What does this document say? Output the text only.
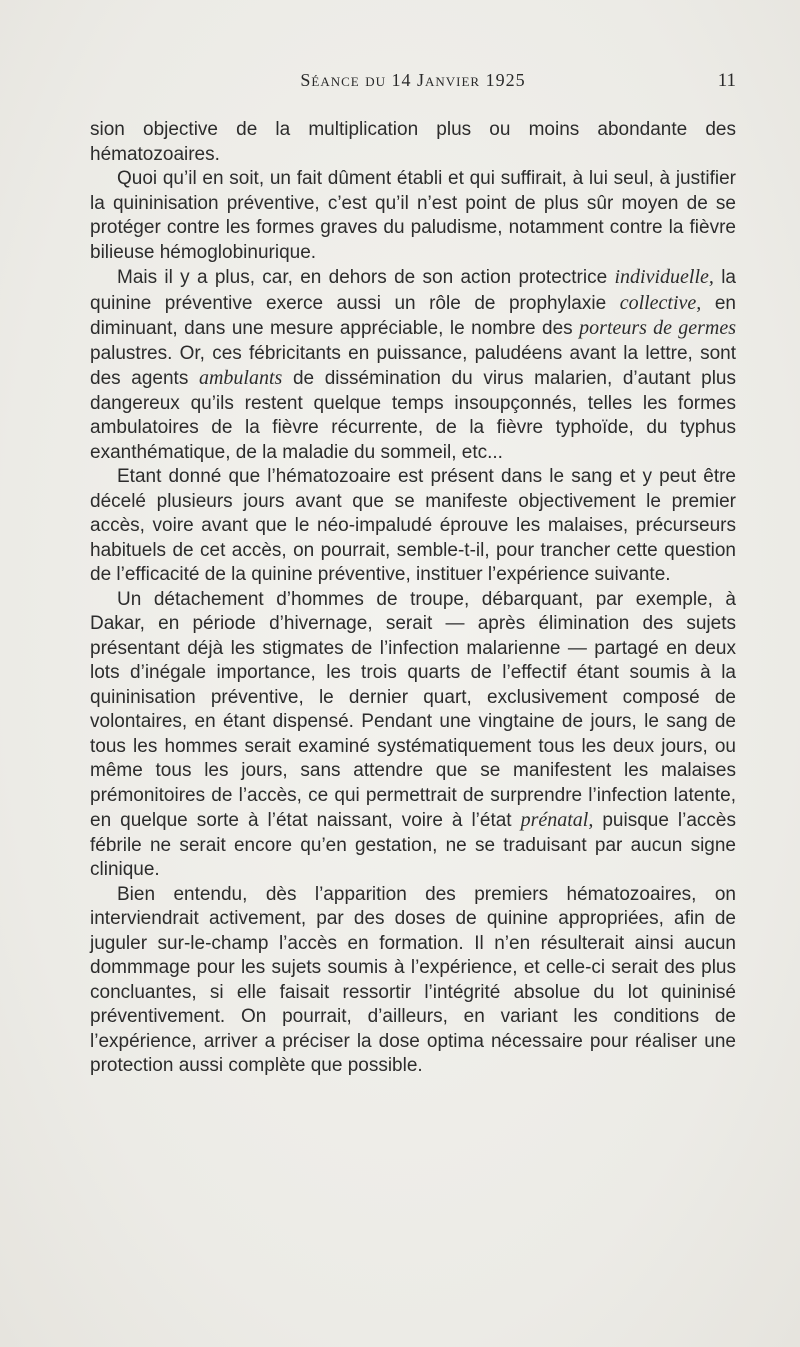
Séance du 14 Janvier 1925	11

sion objective de la multiplication plus ou moins abondante des hématozoaires.

Quoi qu’il en soit, un fait dûment établi et qui suffirait, à lui seul, à justifier la quininisation préventive, c’est qu’il n’est point de plus sûr moyen de se protéger contre les formes graves du paludisme, notamment contre la fièvre bilieuse hémoglobinurique.

Mais il y a plus, car, en dehors de son action protectrice individuelle, la quinine préventive exerce aussi un rôle de prophylaxie collective, en diminuant, dans une mesure appréciable, le nombre des porteurs de germes palustres. Or, ces fébricitants en puissance, paludéens avant la lettre, sont des agents ambulants de dissémination du virus malarien, d’autant plus dangereux qu’ils restent quelque temps insoupçonnés, telles les formes ambulatoires de la fièvre récurrente, de la fièvre typhoïde, du typhus exanthématique, de la maladie du sommeil, etc...

Etant donné que l’hématozoaire est présent dans le sang et y peut être décelé plusieurs jours avant que se manifeste objectivement le premier accès, voire avant que le néo-impaludé éprouve les malaises, précurseurs habituels de cet accès, on pourrait, semble-t-il, pour trancher cette question de l’efficacité de la quinine préventive, instituer l’expérience suivante.

Un détachement d’hommes de troupe, débarquant, par exemple, à Dakar, en période d’hivernage, serait — après élimination des sujets présentant déjà les stigmates de l’infection malarienne — partagé en deux lots d’inégale importance, les trois quarts de l’effectif étant soumis à la quininisation préventive, le dernier quart, exclusivement composé de volontaires, en étant dispensé. Pendant une vingtaine de jours, le sang de tous les hommes serait examiné systématiquement tous les deux jours, ou même tous les jours, sans attendre que se manifestent les malaises prémonitoires de l’accès, ce qui permettrait de surprendre l’infection latente, en quelque sorte à l’état naissant, voire à l’état prénatal, puisque l’accès fébrile ne serait encore qu’en gestation, ne se traduisant par aucun signe clinique.

Bien entendu, dès l’apparition des premiers hématozoaires, on interviendrait activement, par des doses de quinine appropriées, afin de juguler sur-le-champ l’accès en formation. Il n’en résulterait ainsi aucun dommmage pour les sujets soumis à l’expérience, et celle-ci serait des plus concluantes, si elle faisait ressortir l’intégrité absolue du lot quininisé préventivement. On pourrait, d’ailleurs, en variant les conditions de l’expérience, arriver a préciser la dose optima nécessaire pour réaliser une protection aussi complète que possible.
